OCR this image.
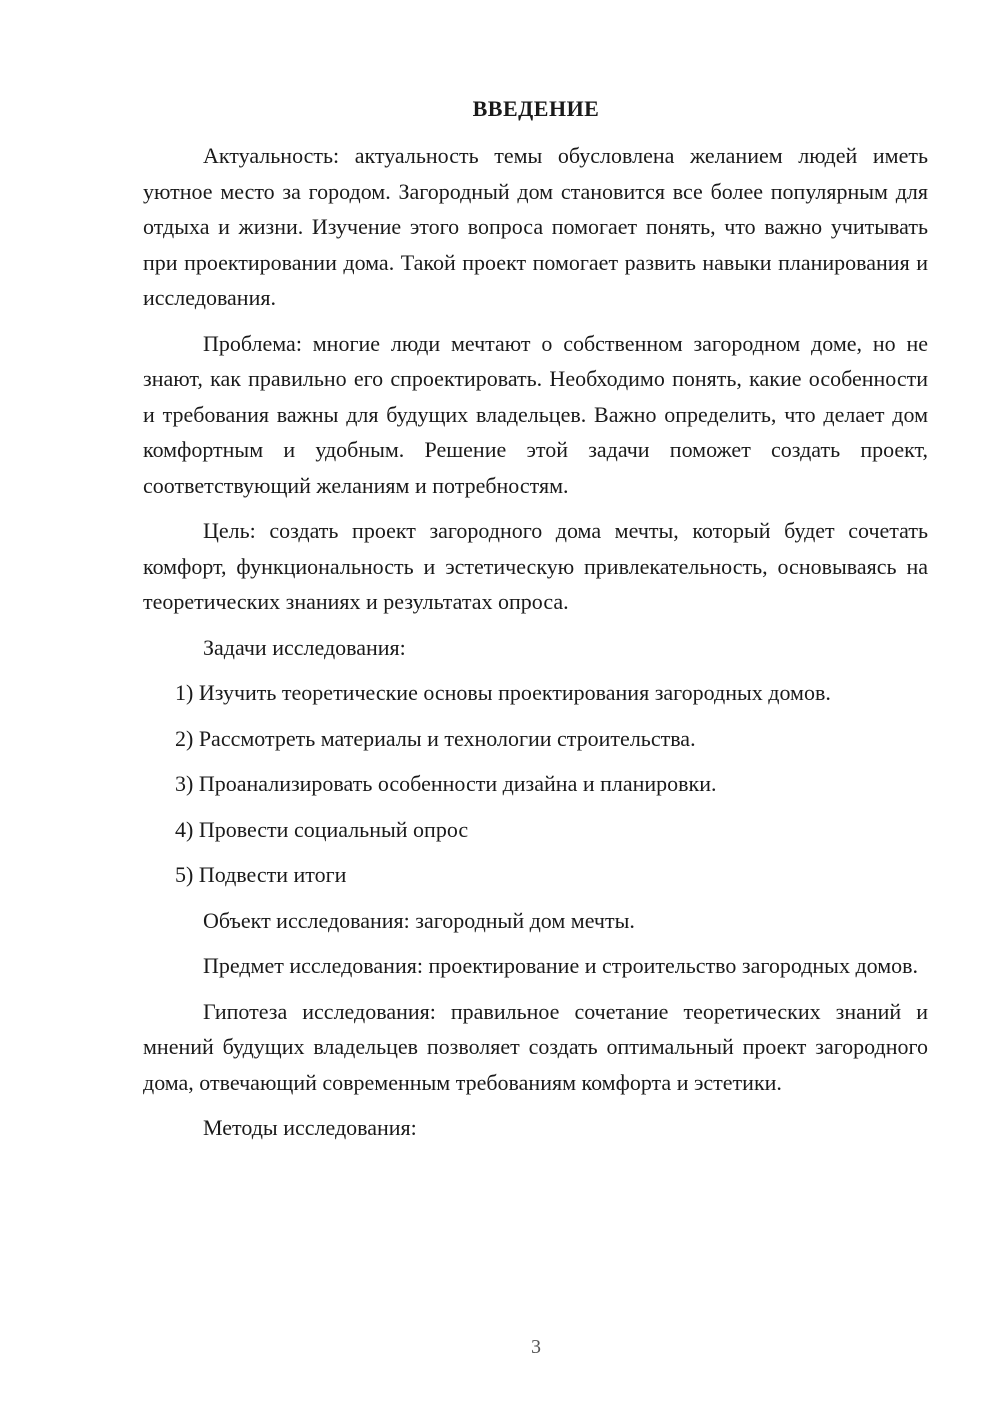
ВВЕДЕНИЕ

Актуальность: актуальность темы обусловлена желанием людей иметь уютное место за городом. Загородный дом становится все более популярным для отдыха и жизни. Изучение этого вопроса помогает понять, что важно учитывать при проектировании дома. Такой проект помогает развить навыки планирования и исследования.

Проблема: многие люди мечтают о собственном загородном доме, но не знают, как правильно его спроектировать. Необходимо понять, какие особенности и требования важны для будущих владельцев. Важно определить, что делает дом комфортным и удобным. Решение этой задачи поможет создать проект, соответствующий желаниям и потребностям.

Цель: создать проект загородного дома мечты, который будет сочетать комфорт, функциональность и эстетическую привлекательность, основываясь на теоретических знаниях и результатах опроса.

Задачи исследования:

1) Изучить теоретические основы проектирования загородных домов.

2) Рассмотреть материалы и технологии строительства.

3) Проанализировать особенности дизайна и планировки.

4) Провести социальный опрос

5) Подвести итоги

Объект исследования: загородный дом мечты.

Предмет исследования: проектирование и строительство загородных домов.

Гипотеза исследования: правильное сочетание теоретических знаний и мнений будущих владельцев позволяет создать оптимальный проект загородного дома, отвечающий современным требованиям комфорта и эстетики.

Методы исследования:

3
